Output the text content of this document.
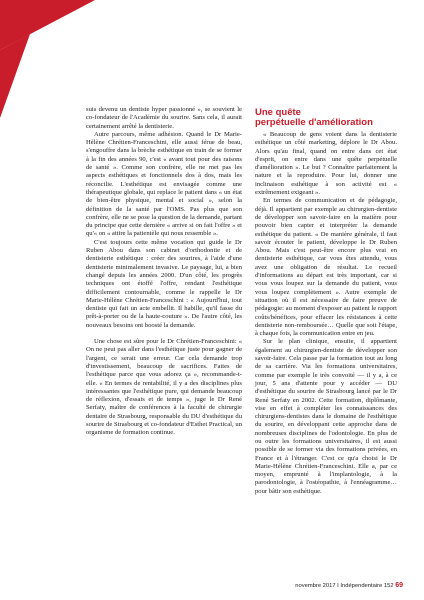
suis devenu un dentiste hyper passionné », se souvient le co-fondateur de l'Académie du sourire. Sans cela, il aurait certainement arrêté la dentisterie.

Autre parcours, même adhésion. Quand le Dr Marie-Hélène Chrétien-Franceschini, elle aussi férue de beau, s'engouffre dans la brèche esthétique en train de se former à la fin des années 90, c'est « avant tout pour des raisons de santé ». Comme son confrère, elle ne met pas les aspects esthétiques et fonctionnels dos à dos, mais les réconcilie. L'esthétique est envisagée comme une thérapeutique globale, qui replace le patient dans « un état de bien-être physique, mental et social », selon la définition de la santé par l'OMS. Pas plus que son confrère, elle ne se pose la question de la demande, partant du principe que cette dernière « arrive si on fait l'offre » et qu'« on « attire la patientèle qui nous ressemble ».

C'est toujours cette même vocation qui guide le Dr Ruben Abou dans son cabinet d'orthodontie et de dentisterie esthétique : créer des sourires, à l'aide d'une dentisterie minimalement invasive. Le paysage, lui, a bien changé depuis les années 2000. D'un côté, les progrès techniques ont étoffé l'offre, rendant l'esthétique difficilement contournable, comme le rappelle le Dr Marie-Hélène Chrétien-Franceschini : « Aujourd'hui, tout dentiste qui fait un acte embellit. Il habille, qu'il fasse du prêt-à-porter ou de la haute-couture ». De l'autre côté, les nouveaux besoins ont boosté la demande.

Une chose est sûre pour le Dr Chrétien-Franceschini: « On ne peut pas aller dans l'esthétique juste pour gagner de l'argent, ce serait une erreur. Car cela demande trop d'investissement, beaucoup de sacrifices. Faites de l'esthétique parce que vous adorez ça », recommande-t-elle. « En termes de rentabilité, il y a des disciplines plus intéressantes que l'esthétique pure, qui demande beaucoup de réflexion, d'essais et de temps », juge le Dr René Serfaty, maître de conférences à la faculté de chirurgie dentaire de Strasbourg, responsable du DU d'esthétique du sourire de Strasbourg et co-fondateur d'Esthet Practical, un organisme de formation continue.

Une quête
perpétuelle d'amélioration

« Beaucoup de gens voient dans la dentisterie esthétique un côté marketing, déplore le Dr Abou. Alors qu'au final, quand on entre dans cet état d'esprit, on entre dans une quête perpétuelle d'amélioration ». Le but ? Connaître parfaitement la nature et la reproduire. Pour lui, donner une inclinaison esthétique à son activité est « extrêmement exigeant ».

En termes de communication et de pédagogie, déjà. Il appartient par exemple au chirurgien-dentiste de développer son savoir-faire en la matière pour pouvoir bien capter et interpréter la demande esthétique du patient. « De manière générale, il faut savoir écouter le patient, développe le Dr Ruben Abou. Mais c'est peut-être encore plus vrai en dentisterie esthétique, car vous êtes attendu, vous avez une obligation de résultat. Le recueil d'informations au départ est très important, car si vous vous loupez sur la demande du patient, vous vous loupez complètement ». Autre exemple de situation où il est nécessaire de faire preuve de pédagogie: au moment d'exposer au patient le rapport coûts/bénéfices, pour effacer les résistances à cette dentisterie non-remboursée… Quelle que soit l'étape, à chaque fois, la communication entre en jeu.

Sur le plan clinique, ensuite, il appartient également au chirurgien-dentiste de développer son savoir-faire. Cela passe par la formation tout au long de sa carrière. Via les formations universitaires, comme par exemple le très convoité — il y a, à ce jour, 5 ans d'attente pour y accéder — DU d'esthétique du sourire de Strasbourg lancé par le Dr René Serfaty en 2002. Cette formation, diplômante, vise en effet à compléter les connaissances des chirurgiens-dentistes dans le domaine de l'esthétique du sourire, en développant cette approche dans de nombreuses disciplines de l'odontologie. En plus de ou outre les formations universitaires, il est aussi possible de se former via des formations privées, en France et à l'étranger. C'est ce qu'a choisi le Dr Marie-Hélène Chrétien-Franceschini. Elle a, par ce moyen, emprunté à l'implantologie, à la parodontologie, à l'ostéopathie, à l'ennéagramme… pour bâtir son esthétique.

novembre 2017 I Indépendentaire 152 69
